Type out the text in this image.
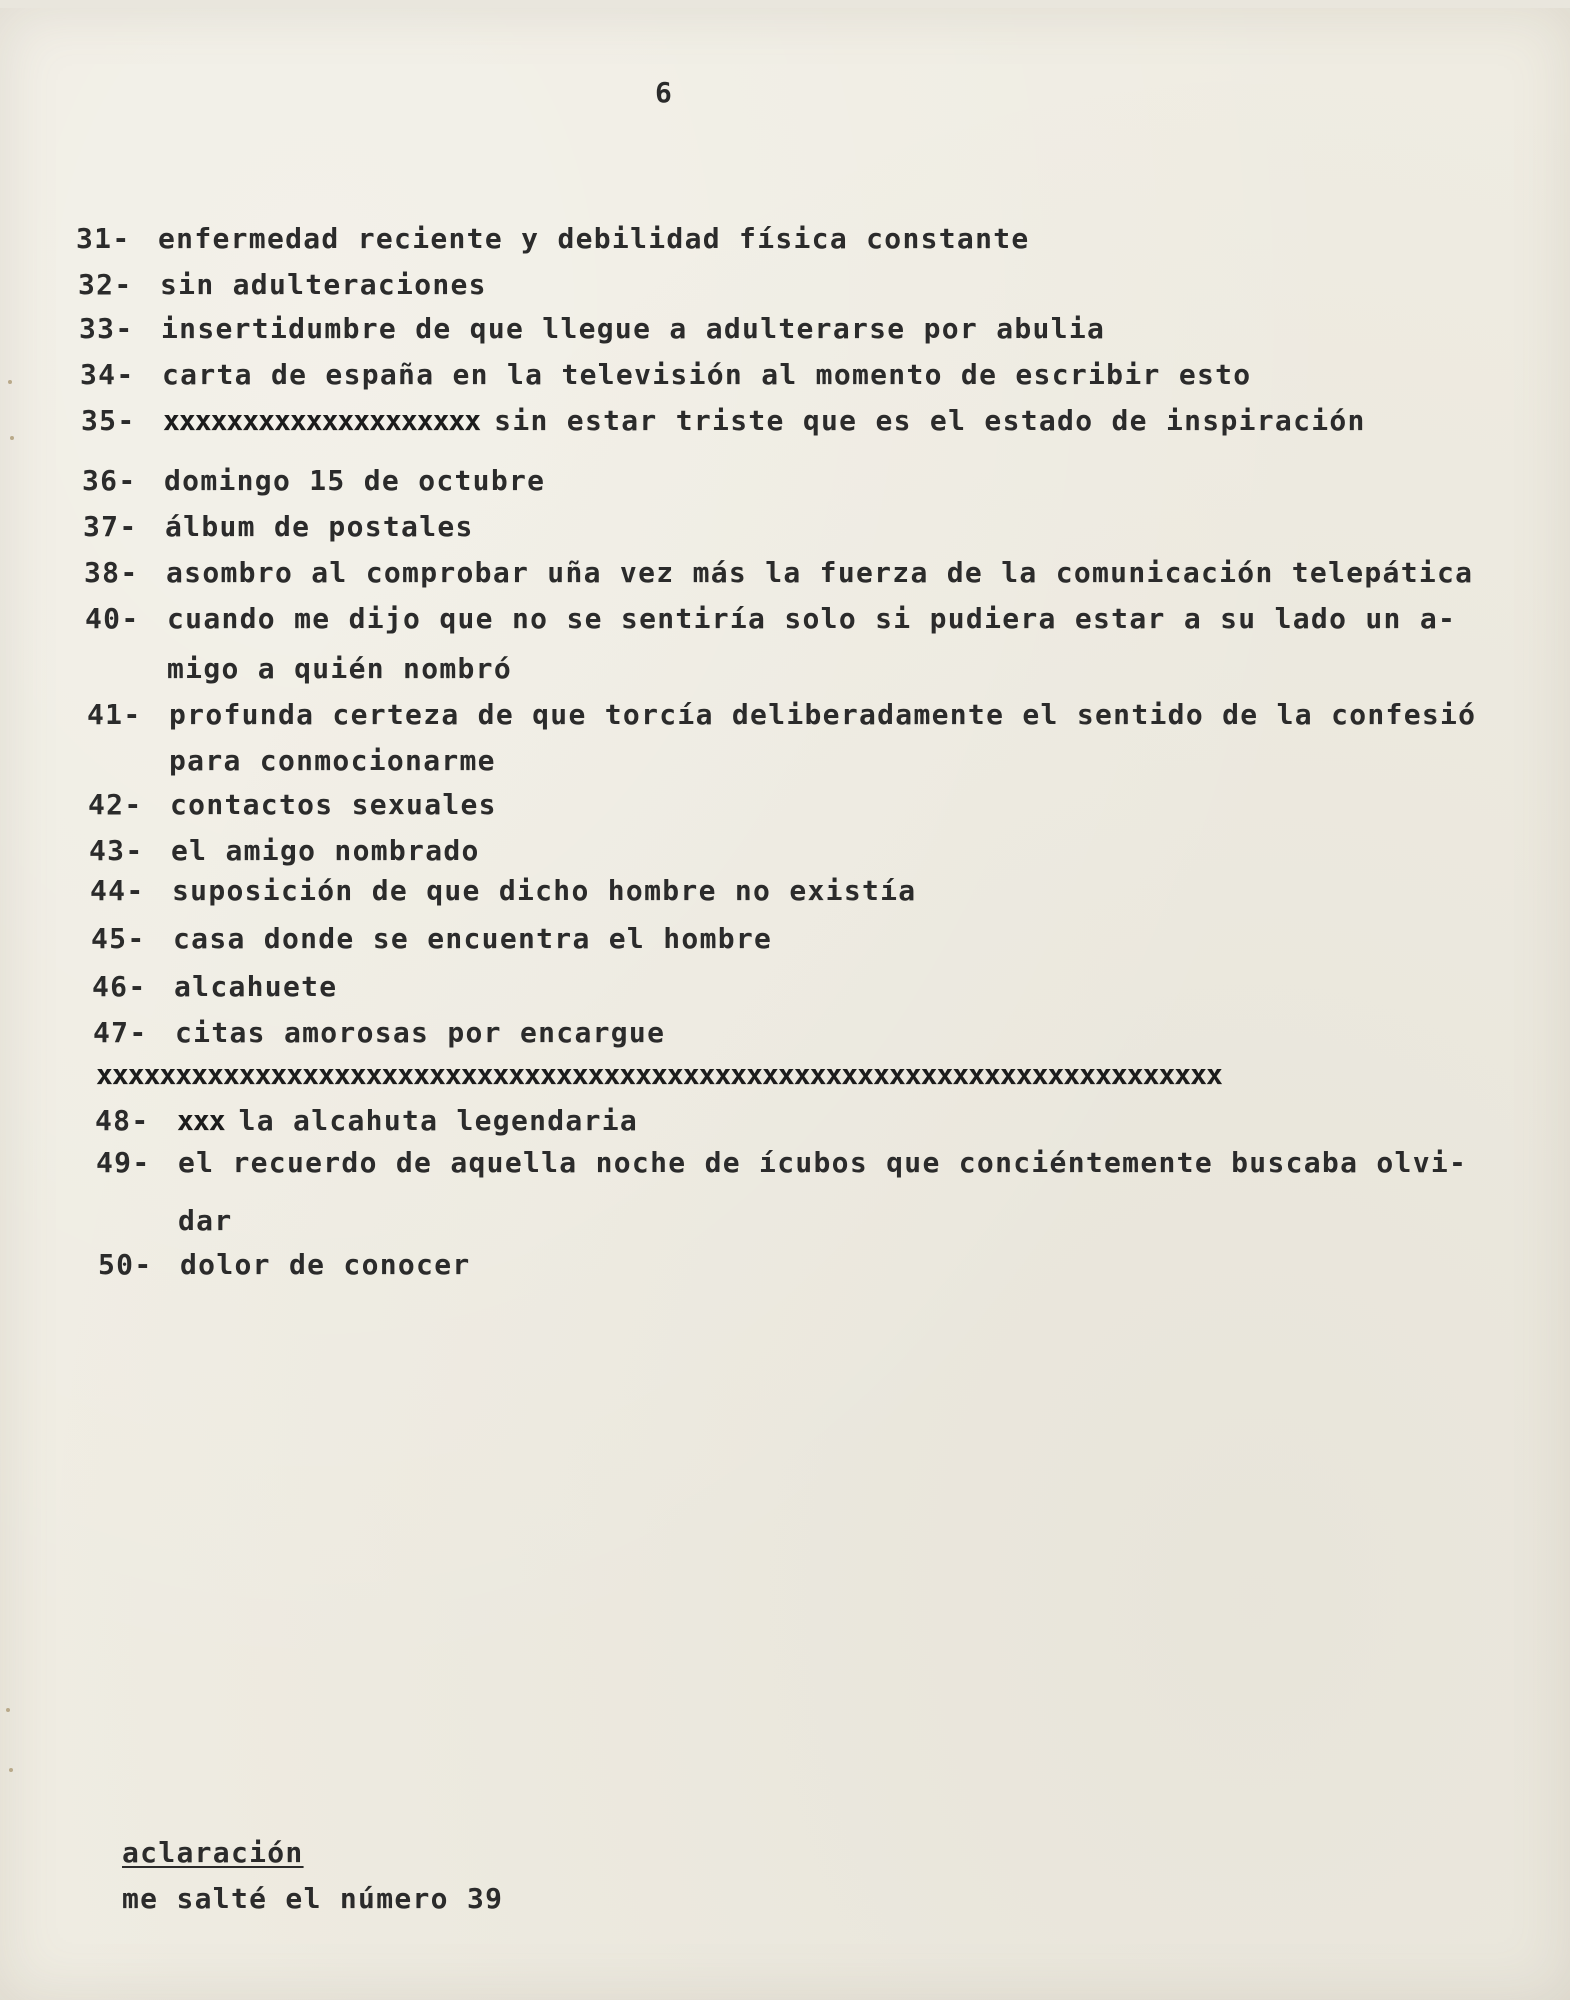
6
31- enfermedad reciente y debilidad física constante
32- sin adulteraciones
33- insertidumbre de que llegue a adulterarse por abulia
34- carta de españa en la televisión al momento de escribir esto
35- xxxxxxxxxxxxxxxxxxxx sin estar triste que es el estado de inspiración
36- domingo 15 de octubre
37- álbum de postales
38- asombro al comprobar uña vez más la fuerza de la comunicación telepática
40- cuando me dijo que no se sentiría solo si pudiera estar a su lado un a-
migo a quién nombró
41- profunda certeza de que torcía deliberadamente el sentido de la confesió
para conmocionarme
42- contactos sexuales
43- el amigo nombrado
44- suposición de que dicho hombre no existía
45- casa donde se encuentra el hombre
46- alcahuete
47- citas amorosas por encargue
xxxxxxxxxxxxxxxxxxxxxxxxxxxxxxxxxxxxxxxxxxxxxxxxxxxxxxxxxxxxxxxxxxxxxxx
48- xxx la alcahuta legendaria
49- el recuerdo de aquella noche de ícubos que conciéntemente buscaba olvi-
dar
50- dolor de conocer
aclaración
me salté el número 39
